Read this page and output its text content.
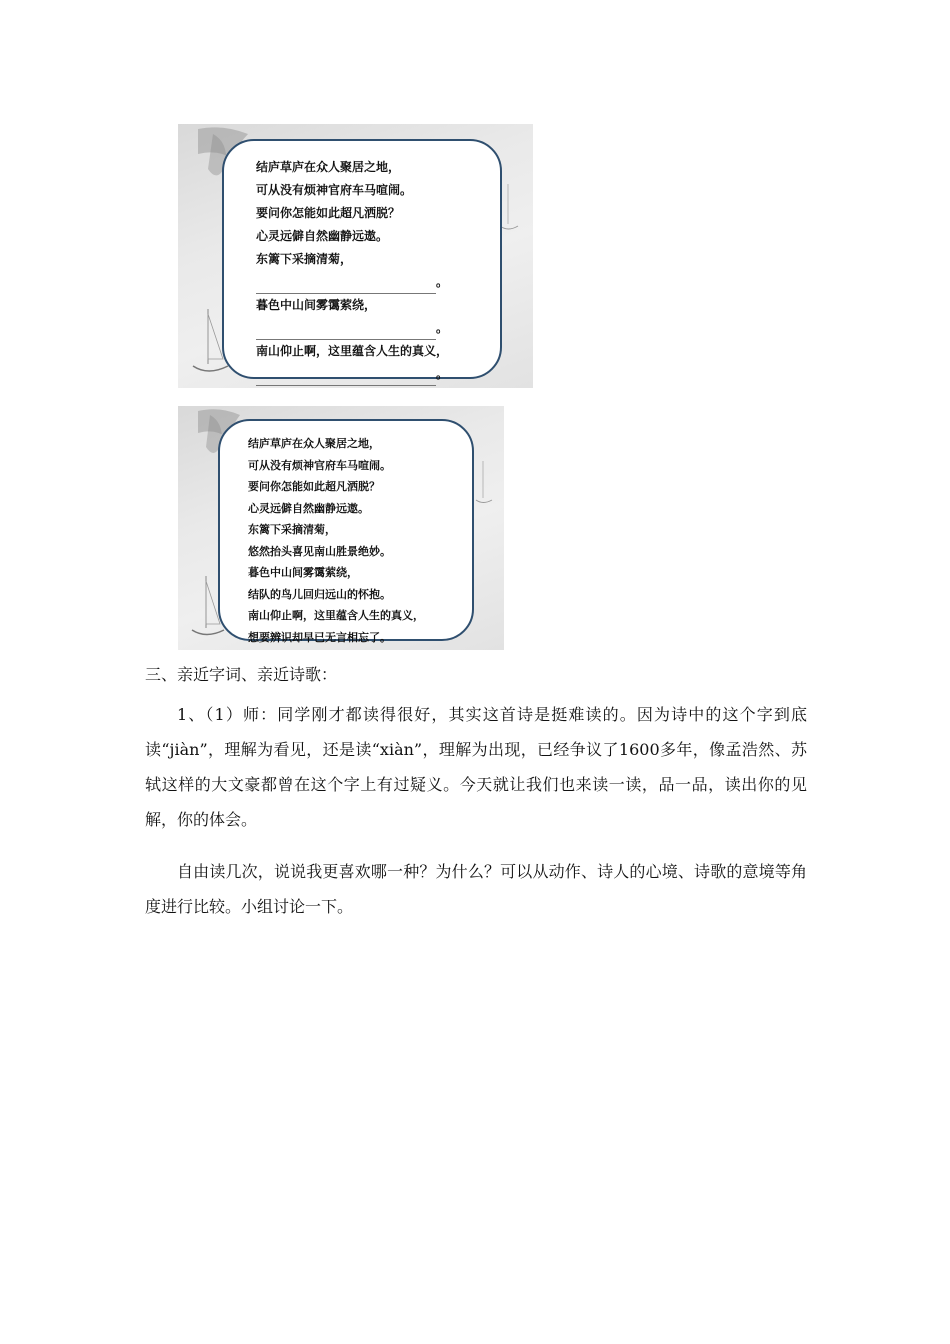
结庐草庐在众人聚居之地，
可从没有烦神官府车马喧闹。
要问你怎能如此超凡洒脱？
心灵远僻自然幽静远遨。
东篱下采摘清菊，
。
暮色中山间雾霭萦绕，
。
南山仰止啊，这里蕴含人生的真义，
。
结庐草庐在众人聚居之地，
可从没有烦神官府车马喧闹。
要问你怎能如此超凡洒脱？
心灵远僻自然幽静远遨。
东篱下采摘清菊，
悠然抬头喜见南山胜景绝妙。
暮色中山间雾霭萦绕，
结队的鸟儿回归远山的怀抱。
南山仰止啊，这里蕴含人生的真义，
想要辨识却早已无言相忘了。
三、亲近字词、亲近诗歌：
1、（1）师：同学刚才都读得很好，其实这首诗是挺难读的。因为诗中的这个字到底读“jiàn”，理解为看见，还是读“xiàn”，理解为出现，已经争议了1600多年，像孟浩然、苏轼这样的大文豪都曾在这个字上有过疑义。今天就让我们也来读一读，品一品，读出你的见解，你的体会。
自由读几次，说说我更喜欢哪一种？为什么？可以从动作、诗人的心境、诗歌的意境等角度进行比较。小组讨论一下。
